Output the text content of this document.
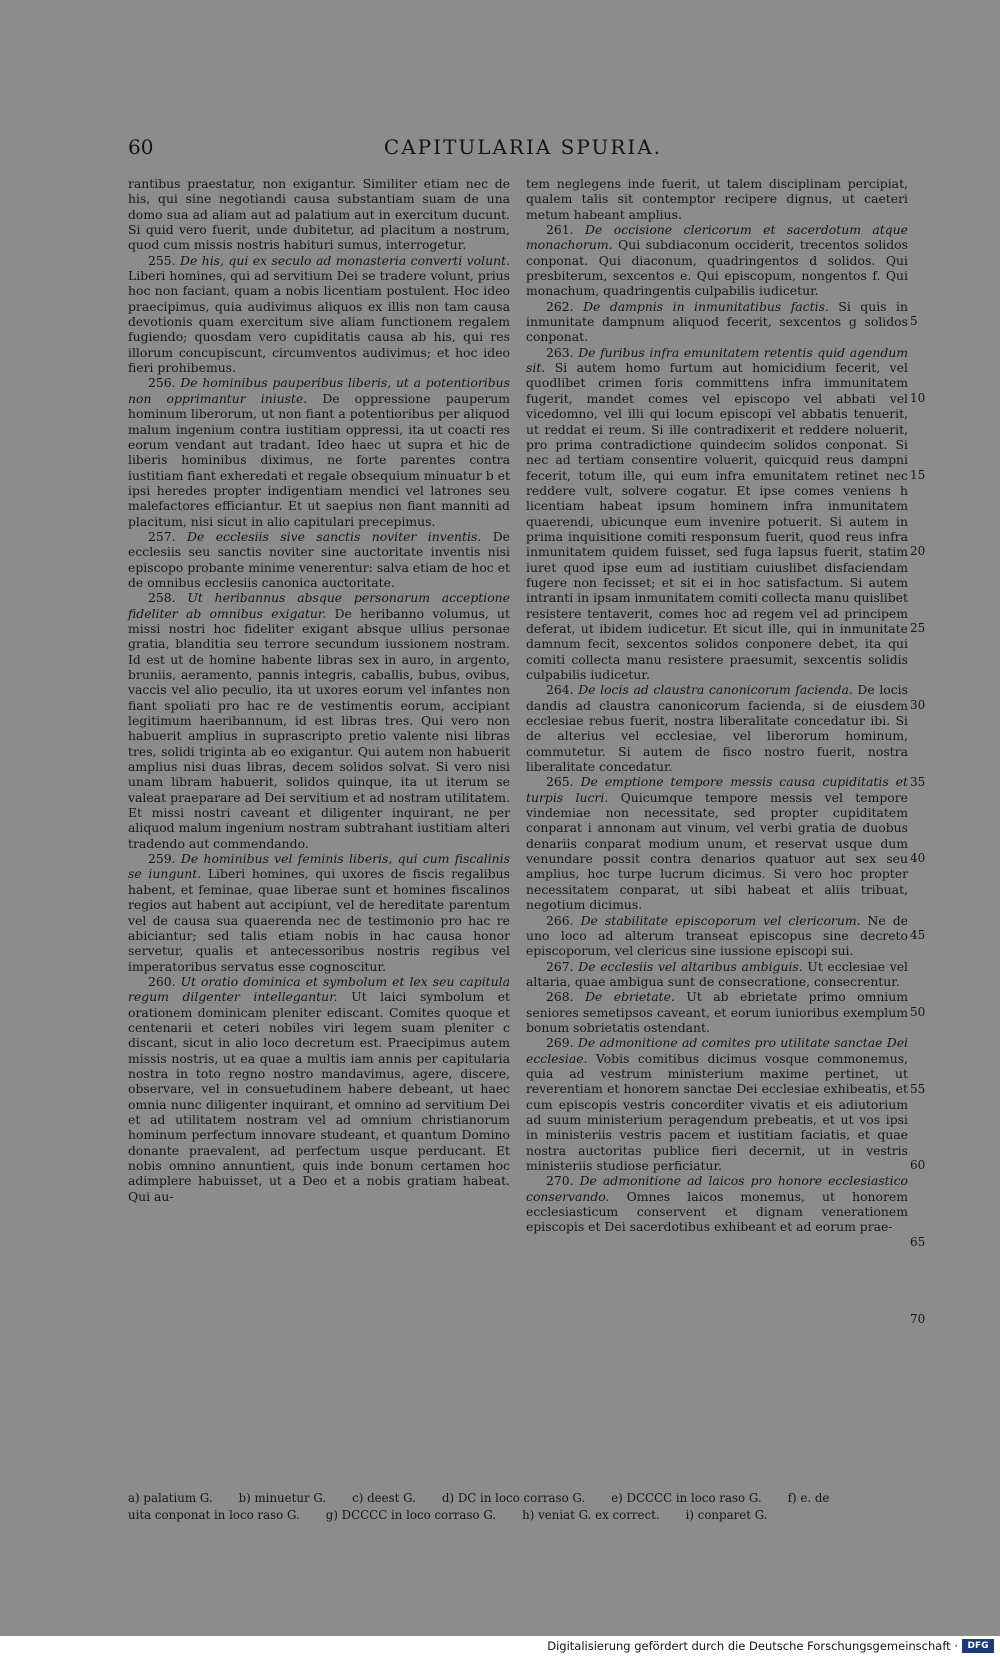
60	CAPITULARIA SPURIA.

rantibus praestatur, non exigantur. Similiter etiam nec de his, qui sine negotiandi causa substantiam suam de una domo sua ad aliam aut ad palatium aut in exercitum ducunt. Si quid vero fuerit, unde dubitetur, ad placitum a nostrum, quod cum missis nostris habituri sumus, interrogetur.

255. De his, qui ex seculo ad monasteria converti volunt. Liberi homines, qui ad servitium Dei se tradere volunt, prius hoc non faciant, quam a nobis licentiam postulent. Hoc ideo praecipimus, quia audivimus aliquos ex illis non tam causa devotionis quam exercitum sive aliam functionem regalem fugiendo; quosdam vero cupiditatis causa ab his, qui res illorum concupiscunt, circumventos audivimus; et hoc ideo fieri prohibemus.

256. De hominibus pauperibus liberis, ut a potentioribus non opprimantur iniuste. De oppressione pauperum hominum liberorum, ut non fiant a potentioribus per aliquod malum ingenium contra iustitiam oppressi, ita ut coacti res eorum vendant aut tradant. Ideo haec ut supra et hic de liberis hominibus diximus, ne forte parentes contra iustitiam fiant exheredati et regale obsequium minuatur b et ipsi heredes propter indigentiam mendici vel latrones seu malefactores efficiantur. Et ut saepius non fiant manniti ad placitum, nisi sicut in alio capitulari precepimus.

257. De ecclesiis sive sanctis noviter inventis. De ecclesiis seu sanctis noviter sine auctoritate inventis nisi episcopo probante minime venerentur: salva etiam de hoc et de omnibus ecclesiis canonica auctoritate.

258. Ut heribannus absque personarum acceptione fideliter ab omnibus exigatur. De heribanno volumus, ut missi nostri hoc fideliter exigant absque ullius personae gratia, blanditia seu terrore secundum iussionem nostram. Id est ut de homine habente libras sex in auro, in argento, bruniis, aeramento, pannis integris, caballis, bubus, ovibus, vaccis vel alio peculio, ita ut uxores eorum vel infantes non fiant spoliati pro hac re de vestimentis eorum, accipiant legitimum haeribannum, id est libras tres. Qui vero non habuerit amplius in suprascripto pretio valente nisi libras tres, solidi triginta ab eo exigantur. Qui autem non habuerit amplius nisi duas libras, decem solidos solvat. Si vero nisi unam libram habuerit, solidos quinque, ita ut iterum se valeat praeparare ad Dei servitium et ad nostram utilitatem. Et missi nostri caveant et diligenter inquirant, ne per aliquod malum ingenium nostram subtrahant iustitiam alteri tradendo aut commendando.

259. De hominibus vel feminis liberis, qui cum fiscalinis se iungunt. Liberi homines, qui uxores de fiscis regalibus habent, et feminae, quae liberae sunt et homines fiscalinos regios aut habent aut accipiunt, vel de hereditate parentum vel de causa sua quaerenda nec de testimonio pro hac re abiciantur; sed talis etiam nobis in hac causa honor servetur, qualis et antecessoribus nostris regibus vel imperatoribus servatus esse cognoscitur.

260. Ut oratio dominica et symbolum et lex seu capitula regum dilgenter intellegantur. Ut laici symbolum et orationem dominicam pleniter ediscant. Comites quoque et centenarii et ceteri nobiles viri legem suam pleniter c discant, sicut in alio loco decretum est. Praecipimus autem missis nostris, ut ea quae a multis iam annis per capitularia nostra in toto regno nostro mandavimus, agere, discere, observare, vel in consuetudinem habere debeant, ut haec omnia nunc diligenter inquirant, et omnino ad servitium Dei et ad utilitatem nostram vel ad omnium christianorum hominum perfectum innovare studeant, et quantum Domino donante praevalent, ad perfectum usque perducant. Et nobis omnino annuntient, quis inde bonum certamen hoc adimplere habuisset, ut a Deo et a nobis gratiam habeat. Qui au-

tem neglegens inde fuerit, ut talem disciplinam percipiat, qualem talis sit contemptor recipere dignus, ut caeteri metum habeant amplius.

261. De occisione clericorum et sacerdotum atque monachorum. Qui subdiaconum occiderit, trecentos solidos conponat. Qui diaconum, quadringentos d solidos. Qui presbiterum, sexcentos e. Qui episcopum, nongentos f. Qui monachum, quadringentis culpabilis iudicetur.

262. De dampnis in inmunitatibus factis. Si quis in inmunitate dampnum aliquod fecerit, sexcentos g solidos conponat.

263. De furibus infra emunitatem retentis quid agendum sit. Si autem homo furtum aut homicidium fecerit, vel quodlibet crimen foris committens infra immunitatem fugerit, mandet comes vel episcopo vel abbati vel vicedomno, vel illi qui locum episcopi vel abbatis tenuerit, ut reddat ei reum. Si ille contradixerit et reddere noluerit, pro prima contradictione quindecim solidos conponat. Si nec ad tertiam consentire voluerit, quicquid reus dampni fecerit, totum ille, qui eum infra emunitatem retinet nec reddere vult, solvere cogatur. Et ipse comes veniens h licentiam habeat ipsum hominem infra inmunitatem quaerendi, ubicunque eum invenire potuerit. Si autem in prima inquisitione comiti responsum fuerit, quod reus infra inmunitatem quidem fuisset, sed fuga lapsus fuerit, statim iuret quod ipse eum ad iustitiam cuiuslibet disfaciendam fugere non fecisset; et sit ei in hoc satisfactum. Si autem intranti in ipsam inmunitatem comiti collecta manu quislibet resistere tentaverit, comes hoc ad regem vel ad principem deferat, ut ibidem iudicetur. Et sicut ille, qui in inmunitate damnum fecit, sexcentos solidos conponere debet, ita qui comiti collecta manu resistere praesumit, sexcentis solidis culpabilis iudicetur.

264. De locis ad claustra canonicorum facienda. De locis dandis ad claustra canonicorum facienda, si de eiusdem ecclesiae rebus fuerit, nostra liberalitate concedatur ibi. Si de alterius vel ecclesiae, vel liberorum hominum, commutetur. Si autem de fisco nostro fuerit, nostra liberalitate concedatur.

265. De emptione tempore messis causa cupiditatis et turpis lucri. Quicumque tempore messis vel tempore vindemiae non necessitate, sed propter cupiditatem conparat i annonam aut vinum, vel verbi gratia de duobus denariis conparat modium unum, et reservat usque dum venundare possit contra denarios quatuor aut sex seu amplius, hoc turpe lucrum dicimus. Si vero hoc propter necessitatem conparat, ut sibi habeat et aliis tribuat, negotium dicimus.

266. De stabilitate episcoporum vel clericorum. Ne de uno loco ad alterum transeat episcopus sine decreto episcoporum, vel clericus sine iussione episcopi sui.

267. De ecclesiis vel altaribus ambiguis. Ut ecclesiae vel altaria, quae ambigua sunt de consecratione, consecrentur.

268. De ebrietate. Ut ab ebrietate primo omnium seniores semetipsos caveant, et eorum iunioribus exemplum bonum sobrietatis ostendant.

269. De admonitione ad comites pro utilitate sanctae Dei ecclesiae. Vobis comitibus dicimus vosque commonemus, quia ad vestrum ministerium maxime pertinet, ut reverentiam et honorem sanctae Dei ecclesiae exhibeatis, et cum episcopis vestris concorditer vivatis et eis adiutorium ad suum ministerium peragendum prebeatis, et ut vos ipsi in ministeriis vestris pacem et iustitiam faciatis, et quae nostra auctoritas publice fieri decernit, ut in vestris ministeriis studiose perficiatur.

270. De admonitione ad laicos pro honore ecclesiastico conservando. Omnes laicos monemus, ut honorem ecclesiasticum conservent et dignam venerationem episcopis et Dei sacerdotibus exhibeant et ad eorum prae-

5
10
15
20
25
30
35
40
45
50
55
60
65
70
a) palatium G. b) minuetur G. c) deest G. d) DC in loco corraso G. e) DCCCC in loco raso G. f) e. de
uita conponat in loco raso G. g) DCCCC in loco corraso G. h) veniat G. ex correct. i) conparet G.
Digitalisierung gefördert durch die Deutsche Forschungsgemeinschaft ·	DFG
